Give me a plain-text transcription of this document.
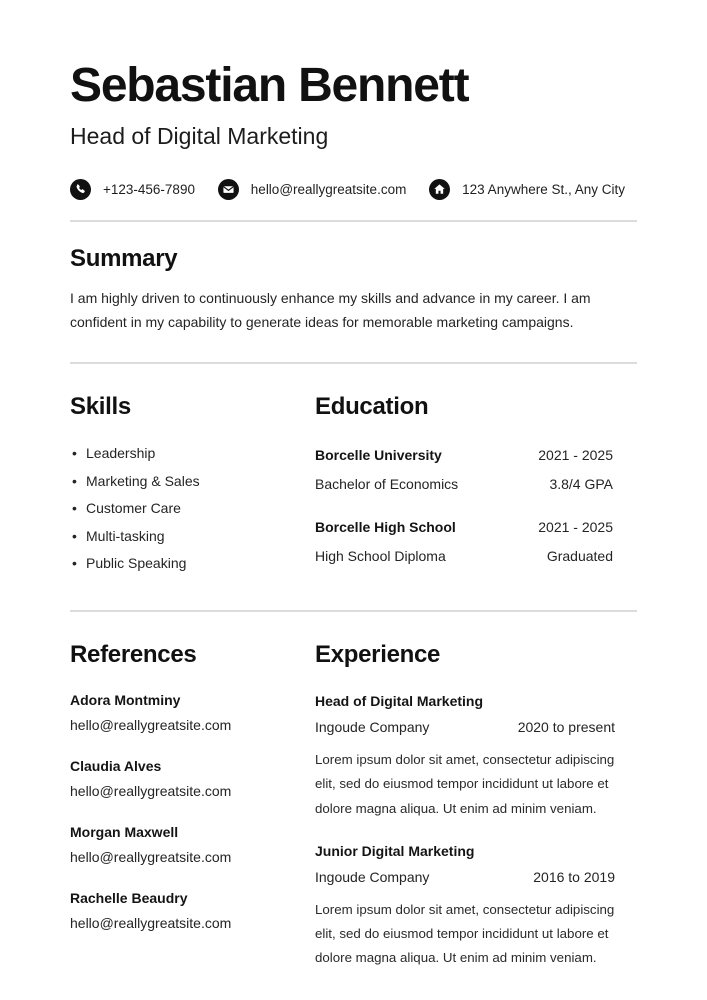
Sebastian Bennett
Head of Digital Marketing
+123-456-7890	hello@reallygreatsite.com	123 Anywhere St., Any City
Summary

I am highly driven to continuously enhance my skills and advance in my career. I am confident in my capability to generate ideas for memorable marketing campaigns.

Skills
• Leadership
• Marketing & Sales
• Customer Care
• Multi-tasking
• Public Speaking
Education
Borcelle University	2021 - 2025
Bachelor of Economics	3.8/4 GPA
Borcelle High School	2021 - 2025
High School Diploma	Graduated
References
Adora Montminy
hello@reallygreatsite.com
Claudia Alves
hello@reallygreatsite.com
Morgan Maxwell
hello@reallygreatsite.com
Rachelle Beaudry
hello@reallygreatsite.com
Experience
Head of Digital Marketing
Ingoude Company	2020 to present

Lorem ipsum dolor sit amet, consectetur adipiscing elit, sed do eiusmod tempor incididunt ut labore et dolore magna aliqua. Ut enim ad minim veniam.

Junior Digital Marketing
Ingoude Company	2016 to 2019

Lorem ipsum dolor sit amet, consectetur adipiscing elit, sed do eiusmod tempor incididunt ut labore et dolore magna aliqua. Ut enim ad minim veniam.
